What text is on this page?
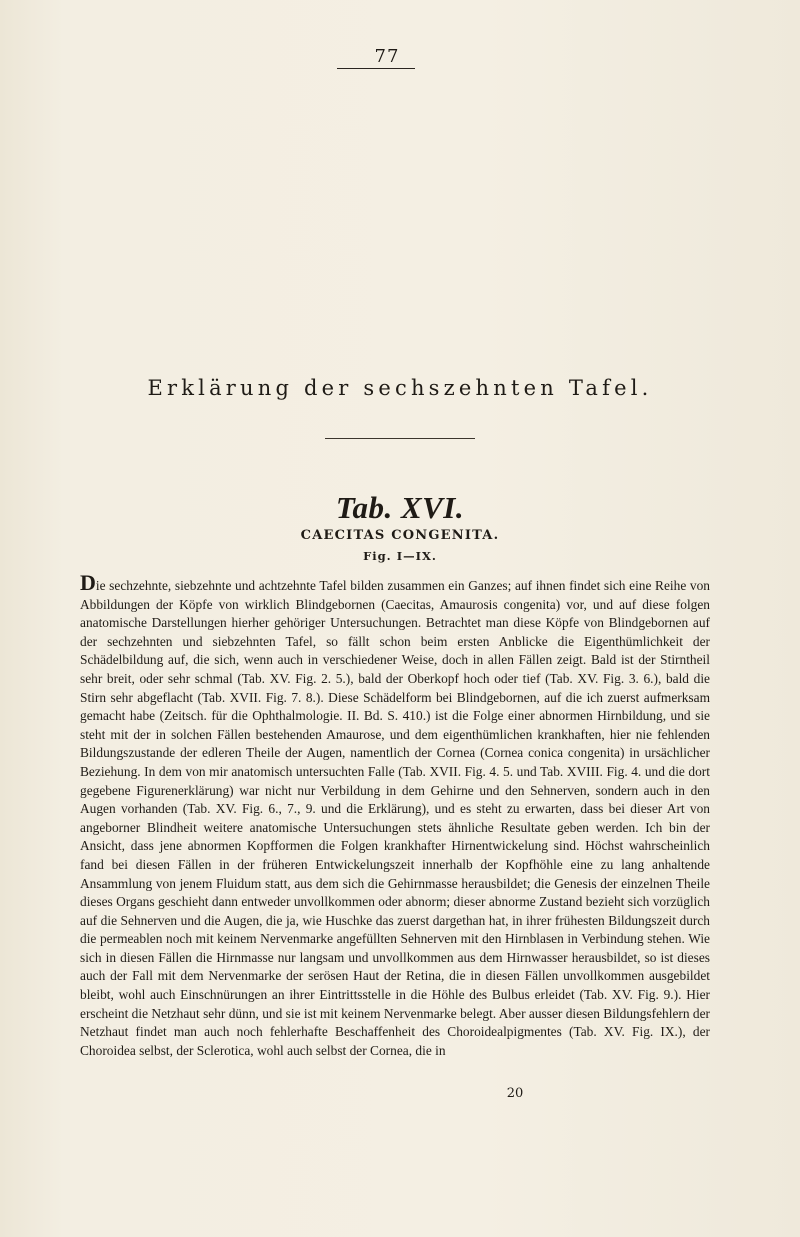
77
Erklärung der sechszehnten Tafel.
Tab. XVI.
CAECITAS CONGENITA.
Fig. I—IX.
Die sechzehnte, siebzehnte und achtzehnte Tafel bilden zusammen ein Ganzes; auf ihnen findet sich eine Reihe von Abbildungen der Köpfe von wirklich Blindgebornen (Caecitas, Amaurosis congenita) vor, und auf diese folgen anatomische Darstellungen hierher gehöriger Untersuchungen. Betrachtet man diese Köpfe von Blindgebornen auf der sechzehnten und siebzehnten Tafel, so fällt schon beim ersten Anblicke die Eigenthümlichkeit der Schädelbildung auf, die sich, wenn auch in verschiedener Weise, doch in allen Fällen zeigt. Bald ist der Stirntheil sehr breit, oder sehr schmal (Tab. XV. Fig. 2. 5.), bald der Oberkopf hoch oder tief (Tab. XV. Fig. 3. 6.), bald die Stirn sehr abgeflacht (Tab. XVII. Fig. 7. 8.). Diese Schädelform bei Blindgebornen, auf die ich zuerst aufmerksam gemacht habe (Zeitsch. für die Ophthalmologie. II. Bd. S. 410.) ist die Folge einer abnormen Hirnbildung, und sie steht mit der in solchen Fällen bestehenden Amaurose, und dem eigenthümlichen krankhaften, hier nie fehlenden Bildungszustande der edleren Theile der Augen, namentlich der Cornea (Cornea conica congenita) in ursächlicher Beziehung. In dem von mir anatomisch untersuchten Falle (Tab. XVII. Fig. 4. 5. und Tab. XVIII. Fig. 4. und die dort gegebene Figurenerklärung) war nicht nur Verbildung in dem Gehirne und den Sehnerven, sondern auch in den Augen vorhanden (Tab. XV. Fig. 6., 7., 9. und die Erklärung), und es steht zu erwarten, dass bei dieser Art von angeborner Blindheit weitere anatomische Untersuchungen stets ähnliche Resultate geben werden. Ich bin der Ansicht, dass jene abnormen Kopfformen die Folgen krankhafter Hirnentwickelung sind. Höchst wahrscheinlich fand bei diesen Fällen in der früheren Entwickelungszeit innerhalb der Kopfhöhle eine zu lang anhaltende Ansammlung von jenem Fluidum statt, aus dem sich die Gehirnmasse herausbildet; die Genesis der einzelnen Theile dieses Organs geschieht dann entweder unvollkommen oder abnorm; dieser abnorme Zustand bezieht sich vorzüglich auf die Sehnerven und die Augen, die ja, wie Huschke das zuerst dargethan hat, in ihrer frühesten Bildungszeit durch die permeablen noch mit keinem Nervenmarke angefüllten Sehnerven mit den Hirnblasen in Verbindung stehen. Wie sich in diesen Fällen die Hirnmasse nur langsam und unvollkommen aus dem Hirnwasser herausbildet, so ist dieses auch der Fall mit dem Nervenmarke der serösen Haut der Retina, die in diesen Fällen unvollkommen ausgebildet bleibt, wohl auch Einschnürungen an ihrer Eintrittsstelle in die Höhle des Bulbus erleidet (Tab. XV. Fig. 9.). Hier erscheint die Netzhaut sehr dünn, und sie ist mit keinem Nervenmarke belegt. Aber ausser diesen Bildungsfehlern der Netzhaut findet man auch noch fehlerhafte Beschaffenheit des Choroidealpigmentes (Tab. XV. Fig. IX.), der Choroidea selbst, der Sclerotica, wohl auch selbst der Cornea, die in
20
